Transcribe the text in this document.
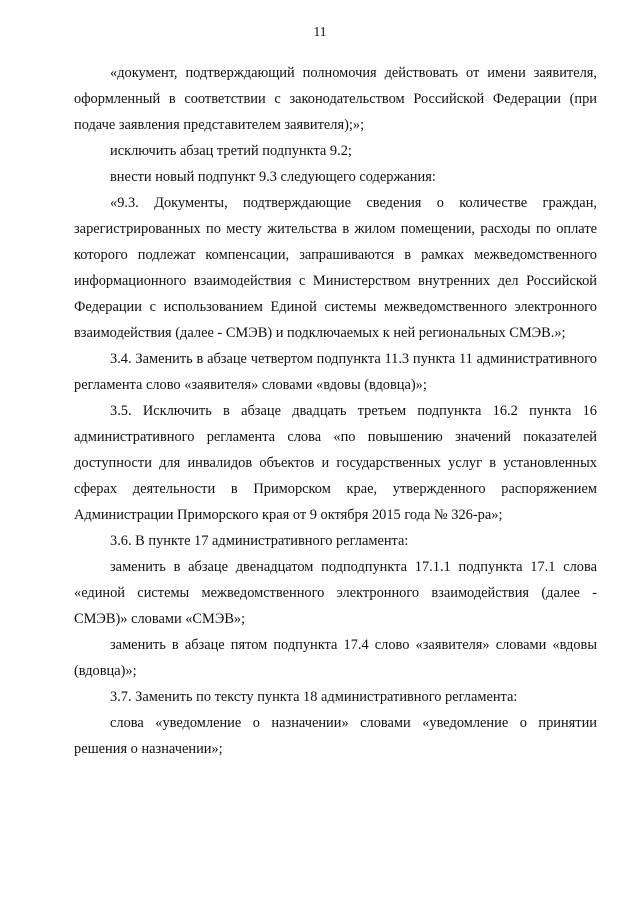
11

«документ, подтверждающий полномочия действовать от имени заявителя, оформленный в соответствии с законодательством Российской Федерации (при подаче заявления представителем заявителя);»;

исключить абзац третий подпункта 9.2;

внести новый подпункт 9.3 следующего содержания:

«9.3. Документы, подтверждающие сведения о количестве граждан, зарегистрированных по месту жительства в жилом помещении, расходы по оплате которого подлежат компенсации, запрашиваются в рамках межведомственного информационного взаимодействия с Министерством внутренних дел Российской Федерации с использованием Единой системы межведомственного электронного взаимодействия (далее - СМЭВ) и подключаемых к ней региональных СМЭВ.»;

3.4. Заменить в абзаце четвертом подпункта 11.3 пункта 11 административного регламента слово «заявителя» словами «вдовы (вдовца)»;

3.5. Исключить в абзаце двадцать третьем подпункта 16.2 пункта 16 административного регламента слова «по повышению значений показателей доступности для инвалидов объектов и государственных услуг в установленных сферах деятельности в Приморском крае, утвержденного распоряжением Администрации Приморского края от 9 октября 2015 года № 326-ра»;

3.6. В пункте 17 административного регламента:

заменить в абзаце двенадцатом подподпункта 17.1.1 подпункта 17.1 слова «единой системы межведомственного электронного взаимодействия (далее - СМЭВ)» словами «СМЭВ»;

заменить в абзаце пятом подпункта 17.4 слово «заявителя» словами «вдовы (вдовца)»;

3.7. Заменить по тексту пункта 18 административного регламента:

слова «уведомление о назначении» словами «уведомление о принятии решения о назначении»;
